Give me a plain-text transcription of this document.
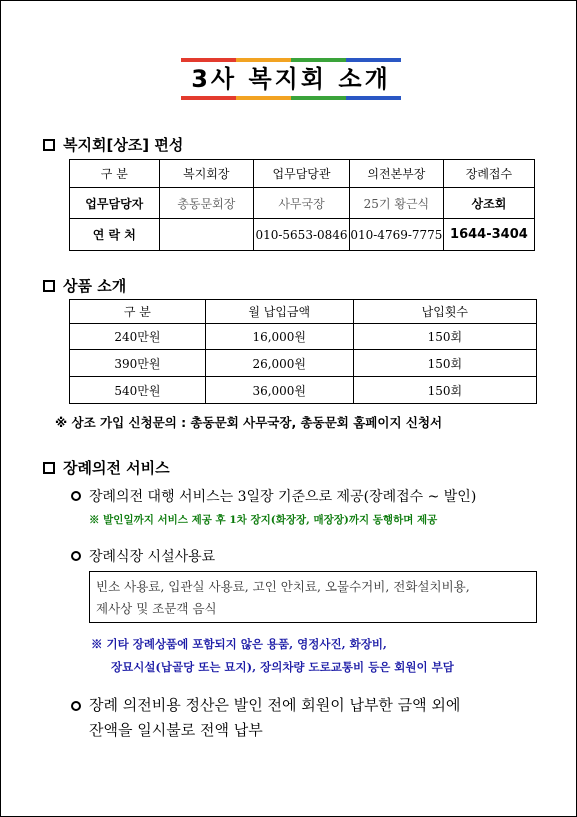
3사 복지회 소개
복지회[상조] 편성
구 분	복지회장	업무담당관	의전본부장	장례접수
업무담당자	총동문회장	사무국장	25기 황근식	상조회
연 락 처		010-5653-0846	010-4769-7775	1644-3404
상품 소개
구 분	월 납입금액	납입횟수
240만원	16,000원	150회
390만원	26,000원	150회
540만원	36,000원	150회
※ 상조 가입 신청문의 : 총동문회 사무국장, 총동문회 홈페이지 신청서
장례의전 서비스
장례의전 대행 서비스는 3일장 기준으로 제공(장례접수 ~ 발인)
※ 발인일까지 서비스 제공 후 1차 장지(화장장, 매장장)까지 동행하며 제공
장례식장 시설사용료
빈소 사용료, 입관실 사용료, 고인 안치료, 오물수거비, 전화설치비용,
제사상 및 조문객 음식
※ 기타 장례상품에 포함되지 않은 용품, 영정사진, 화장비,
장묘시설(납골당 또는 묘지), 장의차량 도로교통비 등은 회원이 부담
장례 의전비용 정산은 발인 전에 회원이 납부한 금액 외에
잔액을 일시불로 전액 납부
